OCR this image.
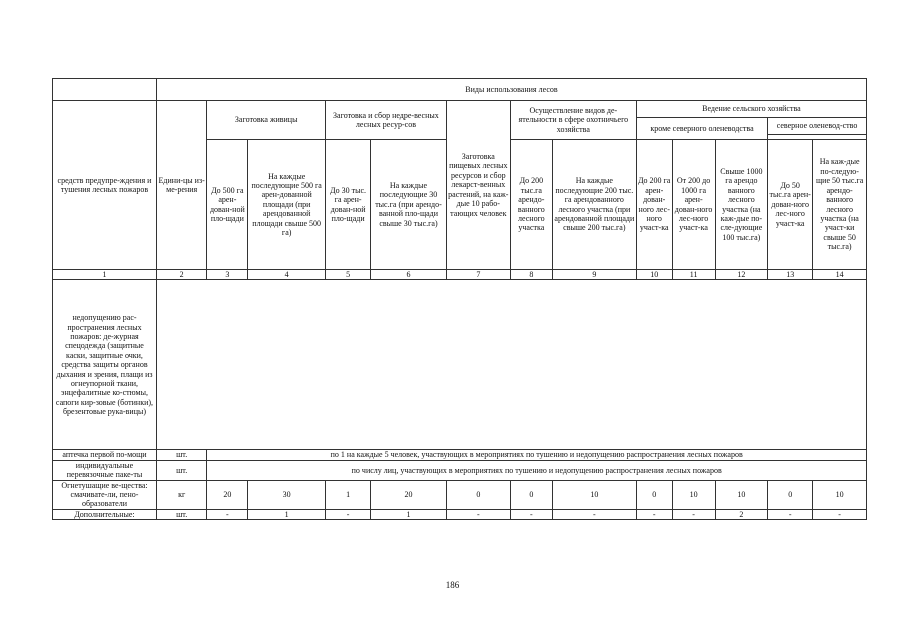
	Виды использования лесов												
средств предупре-ждения и тушения лесных пожаров	Едини-цы из-ме-рения	Заготовка живицы		Заготовка и сбор недре-весных лесных ресур-сов		Заготовка пищевых лесных ресурсов и сбор лекарст-венных растений, на каж-дые 10 рабо-тающих человек	Осуществление видов де-ятельности в сфере охотничьего хозяйства		Ведение сельского хозяйства				
									кроме северного оленеводства			северное оленевод-ство	

		До 500 га арен-дован-ной пло-щади	На каждые последующие 500 га арен-дованной площади (при арендованной площади свыше 500 га)	До 30 тыс. га арен-дован-ной пло-щади	На каждые последующие 30 тыс.га (при арендо-ванной пло-щади свыше 30 тыс.га)		До 200 тыс.га арендо-ванного лесного участка	На каждые последующие 200 тыс. га арендованного лесного участка (при арендованной площади свыше 200 тыс.га)	До 200 га арен-дован-ного лес-ного участ-ка	От 200 до 1000 га арен-дован-ного лес-ного участ-ка	Свыше 1000 га арендо ванного лесного участка (на каж-дые по-сле-дующие 100 тыс.га)	До 50 тыс.га арен-дован-ного лес-ного участ-ка	На каж-дые по-следую-щие 50 тыс.га арендо-ванного лесного участка (на участ-ки свыше 50 тыс.га)
1	2	3	4	5	6	7	8	9	10	11	12	13	14
недопущению рас-пространения лесных пожаров: де-журная спецодежда (защитные каски, защитные очки, средства защиты органов дыхания и зрения, плащи из огнеупорной ткани, энцефалитные ко-стюмы, сапоги кир-зовые (ботинки), брезентовые рука-вицы)													
аптечка первой по-мощи	шт.	по 1 на каждые 5 человек, участвующих в мероприятиях по тушению и недопущению распространения лесных пожаров											
индивидуальные перевязочные паке-ты	шт.	по числу лиц, участвующих в мероприятиях по тушению и недопущению распространения лесных пожаров											
Огнетушащие ве-щества: смачивате-ли, пено-образователи	кг	20	30	1	20	0	0	10	0	10	10	0	10
Дополнительные:	шт.	-	1	-	1	-	-	-	-	-	2	-	-
186
